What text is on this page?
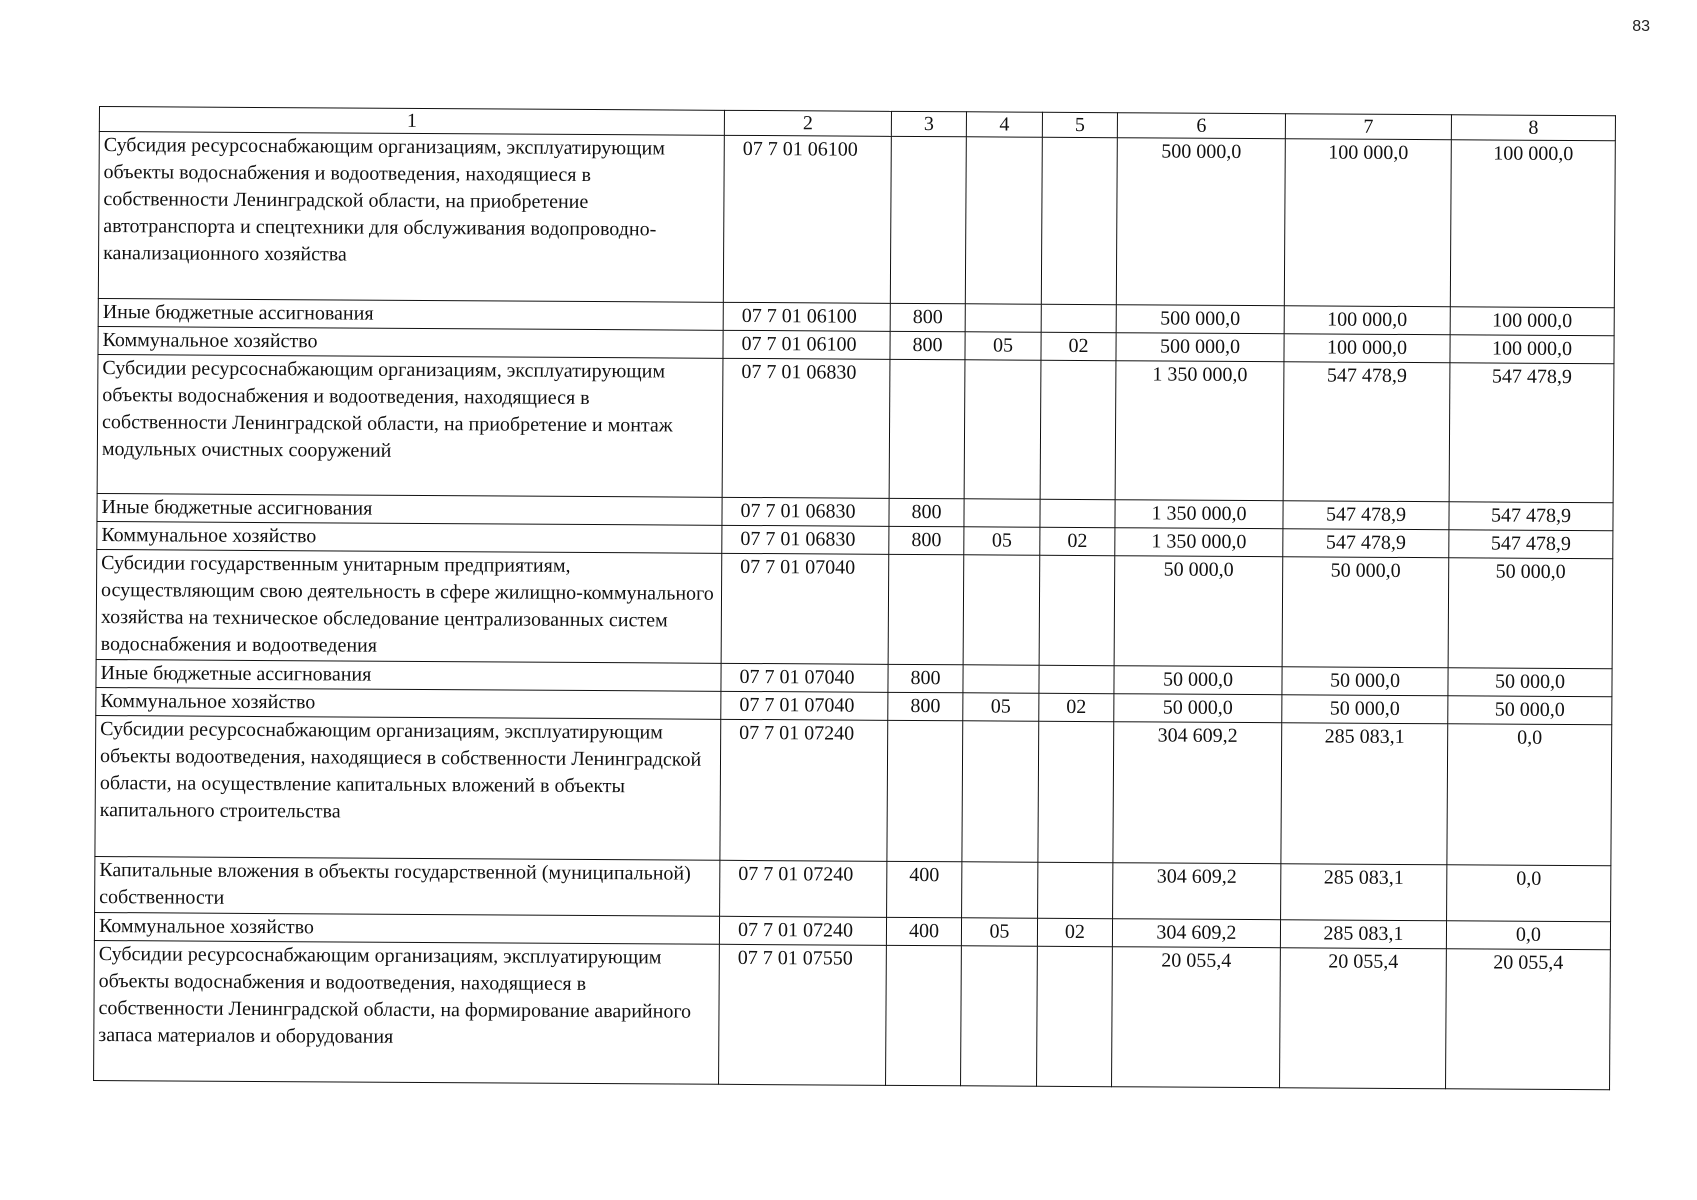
83
1	2	3	4	5	6	7	8
Субсидия ресурсоснабжающим организациям, эксплуатирующим объекты водоснабжения и водоотведения, находящиеся в собственности Ленинградской области, на приобретение автотранспорта и спецтехники для обслуживания водопроводно-канализационного хозяйства	07 7 01 06100				500 000,0	100 000,0	100 000,0
Иные бюджетные ассигнования	07 7 01 06100	800			500 000,0	100 000,0	100 000,0
Коммунальное хозяйство	07 7 01 06100	800	05	02	500 000,0	100 000,0	100 000,0
Субсидии ресурсоснабжающим организациям, эксплуатирующим объекты водоснабжения и водоотведения, находящиеся в собственности Ленинградской области, на приобретение и монтаж модульных очистных сооружений	07 7 01 06830				1 350 000,0	547 478,9	547 478,9
Иные бюджетные ассигнования	07 7 01 06830	800			1 350 000,0	547 478,9	547 478,9
Коммунальное хозяйство	07 7 01 06830	800	05	02	1 350 000,0	547 478,9	547 478,9
Субсидии государственным унитарным предприятиям, осуществляющим свою деятельность в сфере жилищно-коммунального хозяйства на техническое обследование централизованных систем водоснабжения и водоотведения	07 7 01 07040				50 000,0	50 000,0	50 000,0
Иные бюджетные ассигнования	07 7 01 07040	800			50 000,0	50 000,0	50 000,0
Коммунальное хозяйство	07 7 01 07040	800	05	02	50 000,0	50 000,0	50 000,0
Субсидии ресурсоснабжающим организациям, эксплуатирующим объекты водоотведения, находящиеся в собственности Ленинградской области, на осуществление капитальных вложений в объекты капитального строительства	07 7 01 07240				304 609,2	285 083,1	0,0
Капитальные вложения в объекты государственной (муниципальной) собственности	07 7 01 07240	400			304 609,2	285 083,1	0,0
Коммунальное хозяйство	07 7 01 07240	400	05	02	304 609,2	285 083,1	0,0
Субсидии ресурсоснабжающим организациям, эксплуатирующим объекты водоснабжения и водоотведения, находящиеся в собственности Ленинградской области, на формирование аварийного запаса материалов и оборудования	07 7 01 07550				20 055,4	20 055,4	20 055,4
